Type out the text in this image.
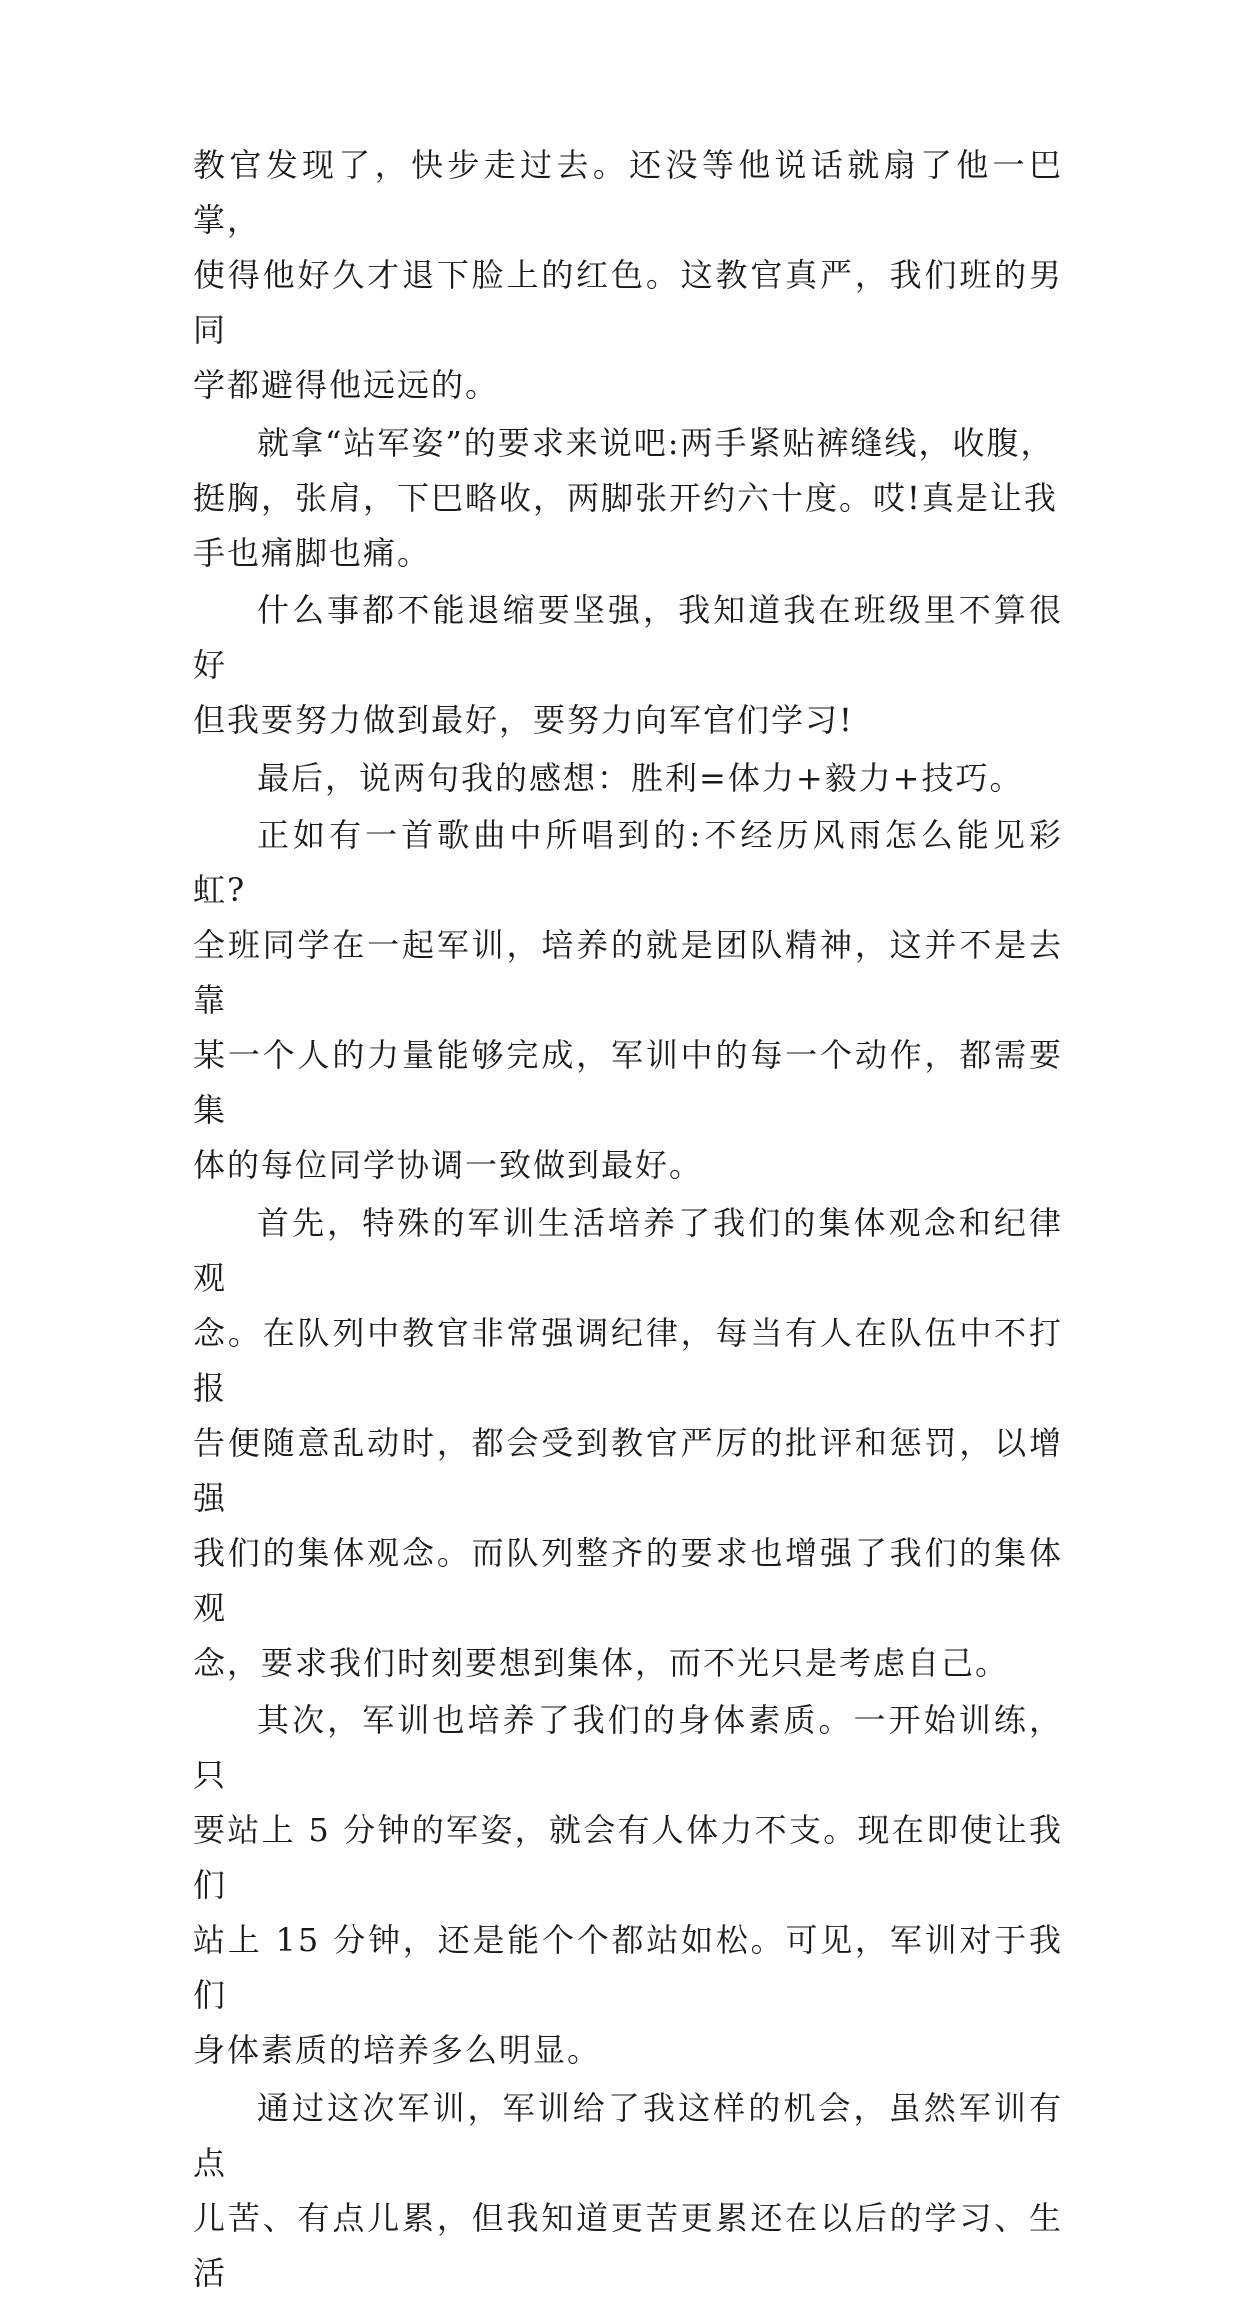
教官发现了，快步走过去。还没等他说话就扇了他一巴掌，
使得他好久才退下脸上的红色。这教官真严，我们班的男同
学都避得他远远的。
就拿“站军姿”的要求来说吧:两手紧贴裤缝线，收腹，
挺胸，张肩，下巴略收，两脚张开约六十度。哎!真是让我
手也痛脚也痛。
什么事都不能退缩要坚强，我知道我在班级里不算很好
但我要努力做到最好，要努力向军官们学习!
最后，说两句我的感想：胜利=体力+毅力+技巧。
正如有一首歌曲中所唱到的:不经历风雨怎么能见彩虹?
全班同学在一起军训，培养的就是团队精神，这并不是去靠
某一个人的力量能够完成，军训中的每一个动作，都需要集
体的每位同学协调一致做到最好。
首先，特殊的军训生活培养了我们的集体观念和纪律观
念。在队列中教官非常强调纪律，每当有人在队伍中不打报
告便随意乱动时，都会受到教官严厉的批评和惩罚，以增强
我们的集体观念。而队列整齐的要求也增强了我们的集体观
念，要求我们时刻要想到集体，而不光只是考虑自己。
其次，军训也培养了我们的身体素质。一开始训练，只
要站上 5 分钟的军姿，就会有人体力不支。现在即使让我们
站上 15 分钟，还是能个个都站如松。可见，军训对于我们
身体素质的培养多么明显。
通过这次军训，军训给了我这样的机会，虽然军训有点
儿苦、有点儿累，但我知道更苦更累还在以后的学习、生活
